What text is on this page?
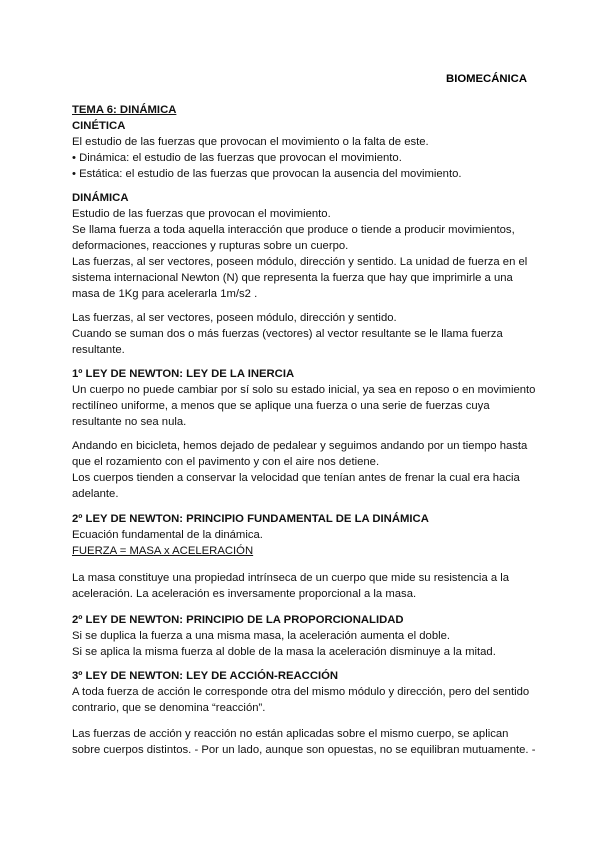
BIOMECÁNICA
TEMA 6: DINÁMICA
CINÉTICA
El estudio de las fuerzas que provocan el movimiento o la falta de este.
• Dinámica: el estudio de las fuerzas que provocan el movimiento.
• Estática: el estudio de las fuerzas que provocan la ausencia del movimiento.
DINÁMICA
Estudio de las fuerzas que provocan el movimiento.
Se llama fuerza a toda aquella interacción que produce o tiende a producir movimientos,
deformaciones, reacciones y rupturas sobre un cuerpo.
Las fuerzas, al ser vectores, poseen módulo, dirección y sentido. La unidad de fuerza en el
sistema internacional Newton (N) que representa la fuerza que hay que imprimirle a una
masa de 1Kg para acelerarla 1m/s2 .
Las fuerzas, al ser vectores, poseen módulo, dirección y sentido.
Cuando se suman dos o más fuerzas (vectores) al vector resultante se le llama fuerza
resultante.
1º LEY DE NEWTON: LEY DE LA INERCIA
Un cuerpo no puede cambiar por sí solo su estado inicial, ya sea en reposo o en movimiento
rectilíneo uniforme, a menos que se aplique una fuerza o una serie de fuerzas cuya
resultante no sea nula.
Andando en bicicleta, hemos dejado de pedalear y seguimos andando por un tiempo hasta
que el rozamiento con el pavimento y con el aire nos detiene.
Los cuerpos tienden a conservar la velocidad que tenían antes de frenar la cual era hacia
adelante.
2º LEY DE NEWTON: PRINCIPIO FUNDAMENTAL DE LA DINÁMICA
Ecuación fundamental de la dinámica.
FUERZA = MASA x ACELERACIÓN
La masa constituye una propiedad intrínseca de un cuerpo que mide su resistencia a la
aceleración. La aceleración es inversamente proporcional a la masa.
2º LEY DE NEWTON: PRINCIPIO DE LA PROPORCIONALIDAD
Si se duplica la fuerza a una misma masa, la aceleración aumenta el doble.
Si se aplica la misma fuerza al doble de la masa la aceleración disminuye a la mitad.
3º LEY DE NEWTON: LEY DE ACCIÓN-REACCIÓN
A toda fuerza de acción le corresponde otra del mismo módulo y dirección, pero del sentido
contrario, que se denomina “reacción”.
Las fuerzas de acción y reacción no están aplicadas sobre el mismo cuerpo, se aplican
sobre cuerpos distintos. - Por un lado, aunque son opuestas, no se equilibran mutuamente. -
